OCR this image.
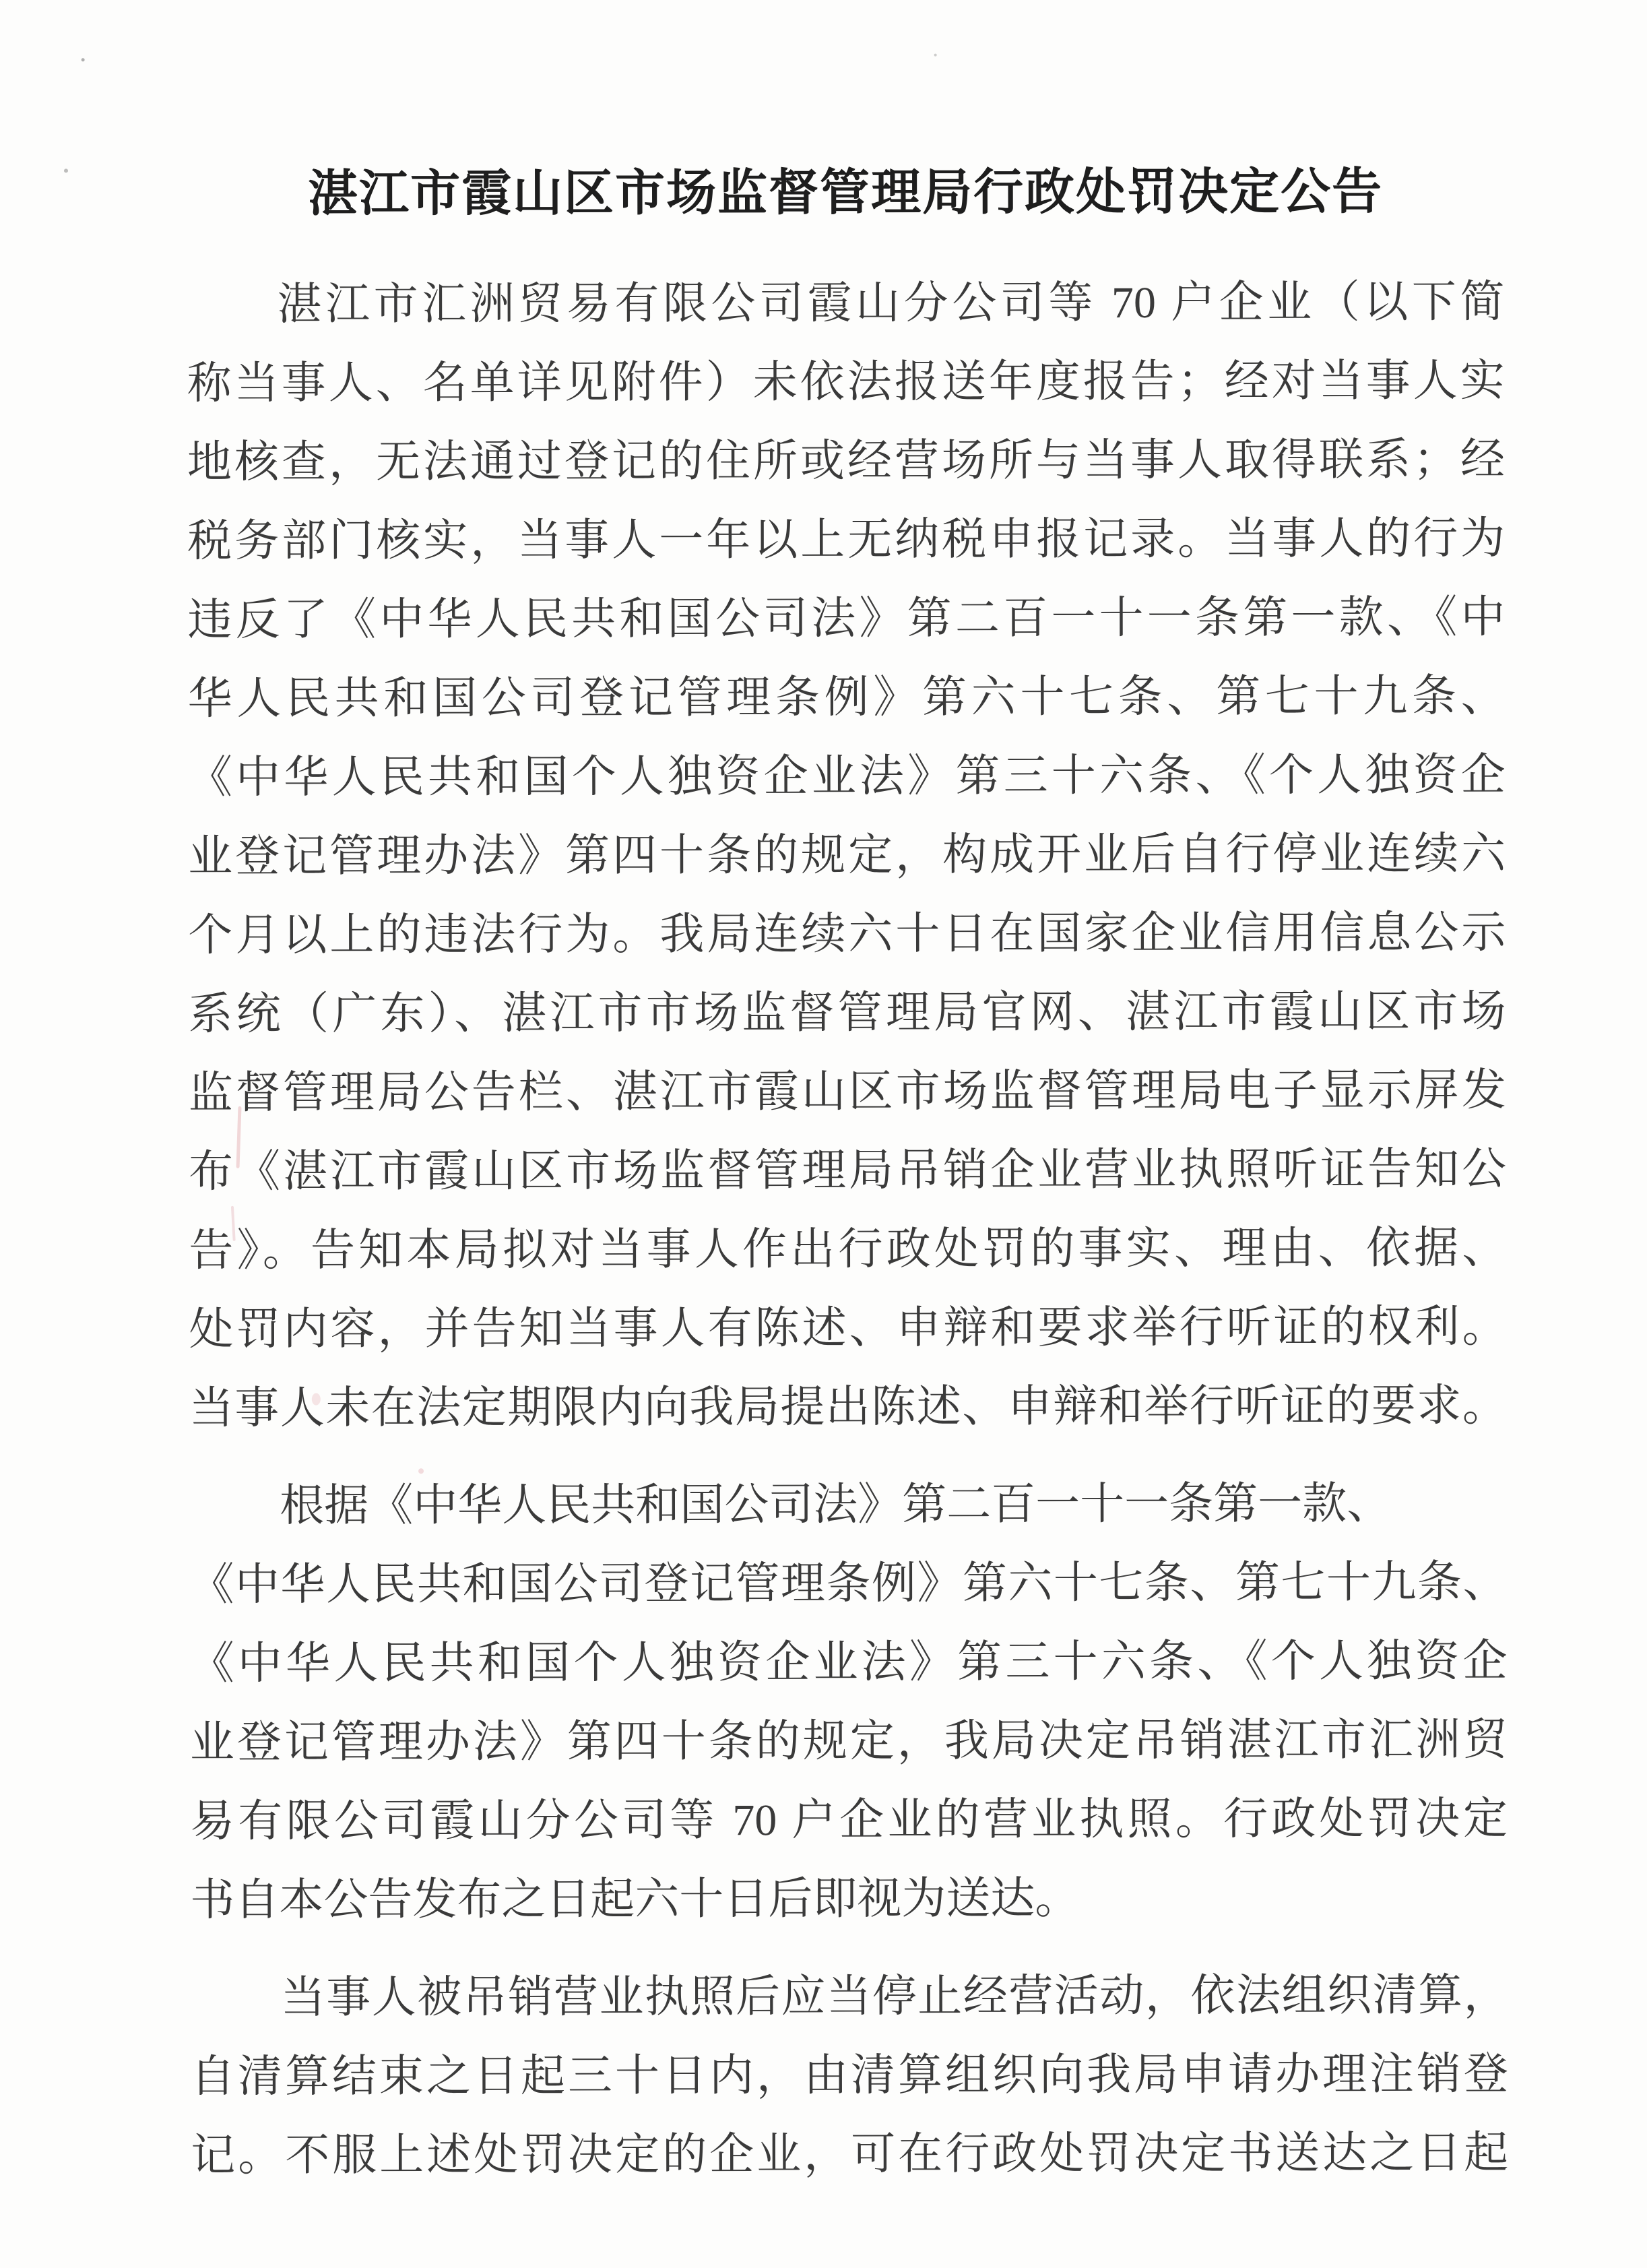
湛江市霞山区市场监督管理局行政处罚决定公告
湛江市汇洲贸易有限公司霞山分公司等 70 户企业（以下简
称当事人、名单详见附件）未依法报送年度报告；经对当事人实
地核查，无法通过登记的住所或经营场所与当事人取得联系；经
税务部门核实，当事人一年以上无纳税申报记录。当事人的行为
违反了《中华人民共和国公司法》第二百一十一条第一款、《中
华人民共和国公司登记管理条例》第六十七条、第七十九条、
《中华人民共和国个人独资企业法》第三十六条、《个人独资企
业登记管理办法》第四十条的规定，构成开业后自行停业连续六
个月以上的违法行为。我局连续六十日在国家企业信用信息公示
系统（广东）、湛江市市场监督管理局官网、湛江市霞山区市场
监督管理局公告栏、湛江市霞山区市场监督管理局电子显示屏发
布《湛江市霞山区市场监督管理局吊销企业营业执照听证告知公
告》。告知本局拟对当事人作出行政处罚的事实、理由、依据、
处罚内容，并告知当事人有陈述、申辩和要求举行听证的权利。
当事人未在法定期限内向我局提出陈述、申辩和举行听证的要求。
根据《中华人民共和国公司法》第二百一十一条第一款、
《中华人民共和国公司登记管理条例》第六十七条、第七十九条、
《中华人民共和国个人独资企业法》第三十六条、《个人独资企
业登记管理办法》第四十条的规定，我局决定吊销湛江市汇洲贸
易有限公司霞山分公司等 70 户企业的营业执照。行政处罚决定
书自本公告发布之日起六十日后即视为送达。
当事人被吊销营业执照后应当停止经营活动，依法组织清算，
自清算结束之日起三十日内，由清算组织向我局申请办理注销登
记。不服上述处罚决定的企业，可在行政处罚决定书送达之日起
